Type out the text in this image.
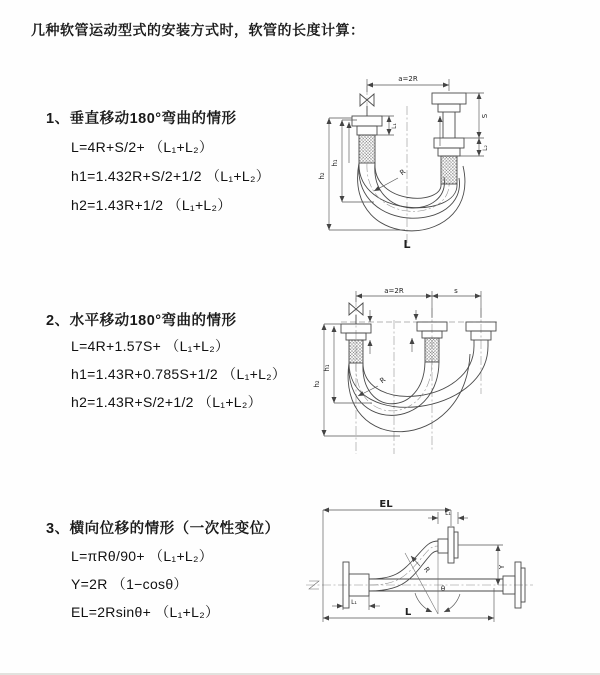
几种软管运动型式的安装方式时，软管的长度计算：
1、垂直移动180°弯曲的情形
L=4R+S/2+ （L₁+L₂）
h1=1.432R+S/2+1/2 （L₁+L₂）
h2=1.43R+1/2 （L₁+L₂）
a=2R
h₂
h₁
L₁
S
L₂
R
L
2、水平移动180°弯曲的情形
L=4R+1.57S+ （L₁+L₂）
h1=1.43R+0.785S+1/2 （L₁+L₂）
h2=1.43R+S/2+1/2 （L₁+L₂）
a=2R	s
h₂
h₁
R
3、横向位移的情形（一次性变位）
L=πRθ/90+ （L₁+L₂）
Y=2R （1−cosθ）
EL=2Rsinθ+ （L₁+L₂）
θ
R
EL
L₁
Y
L₁
L
